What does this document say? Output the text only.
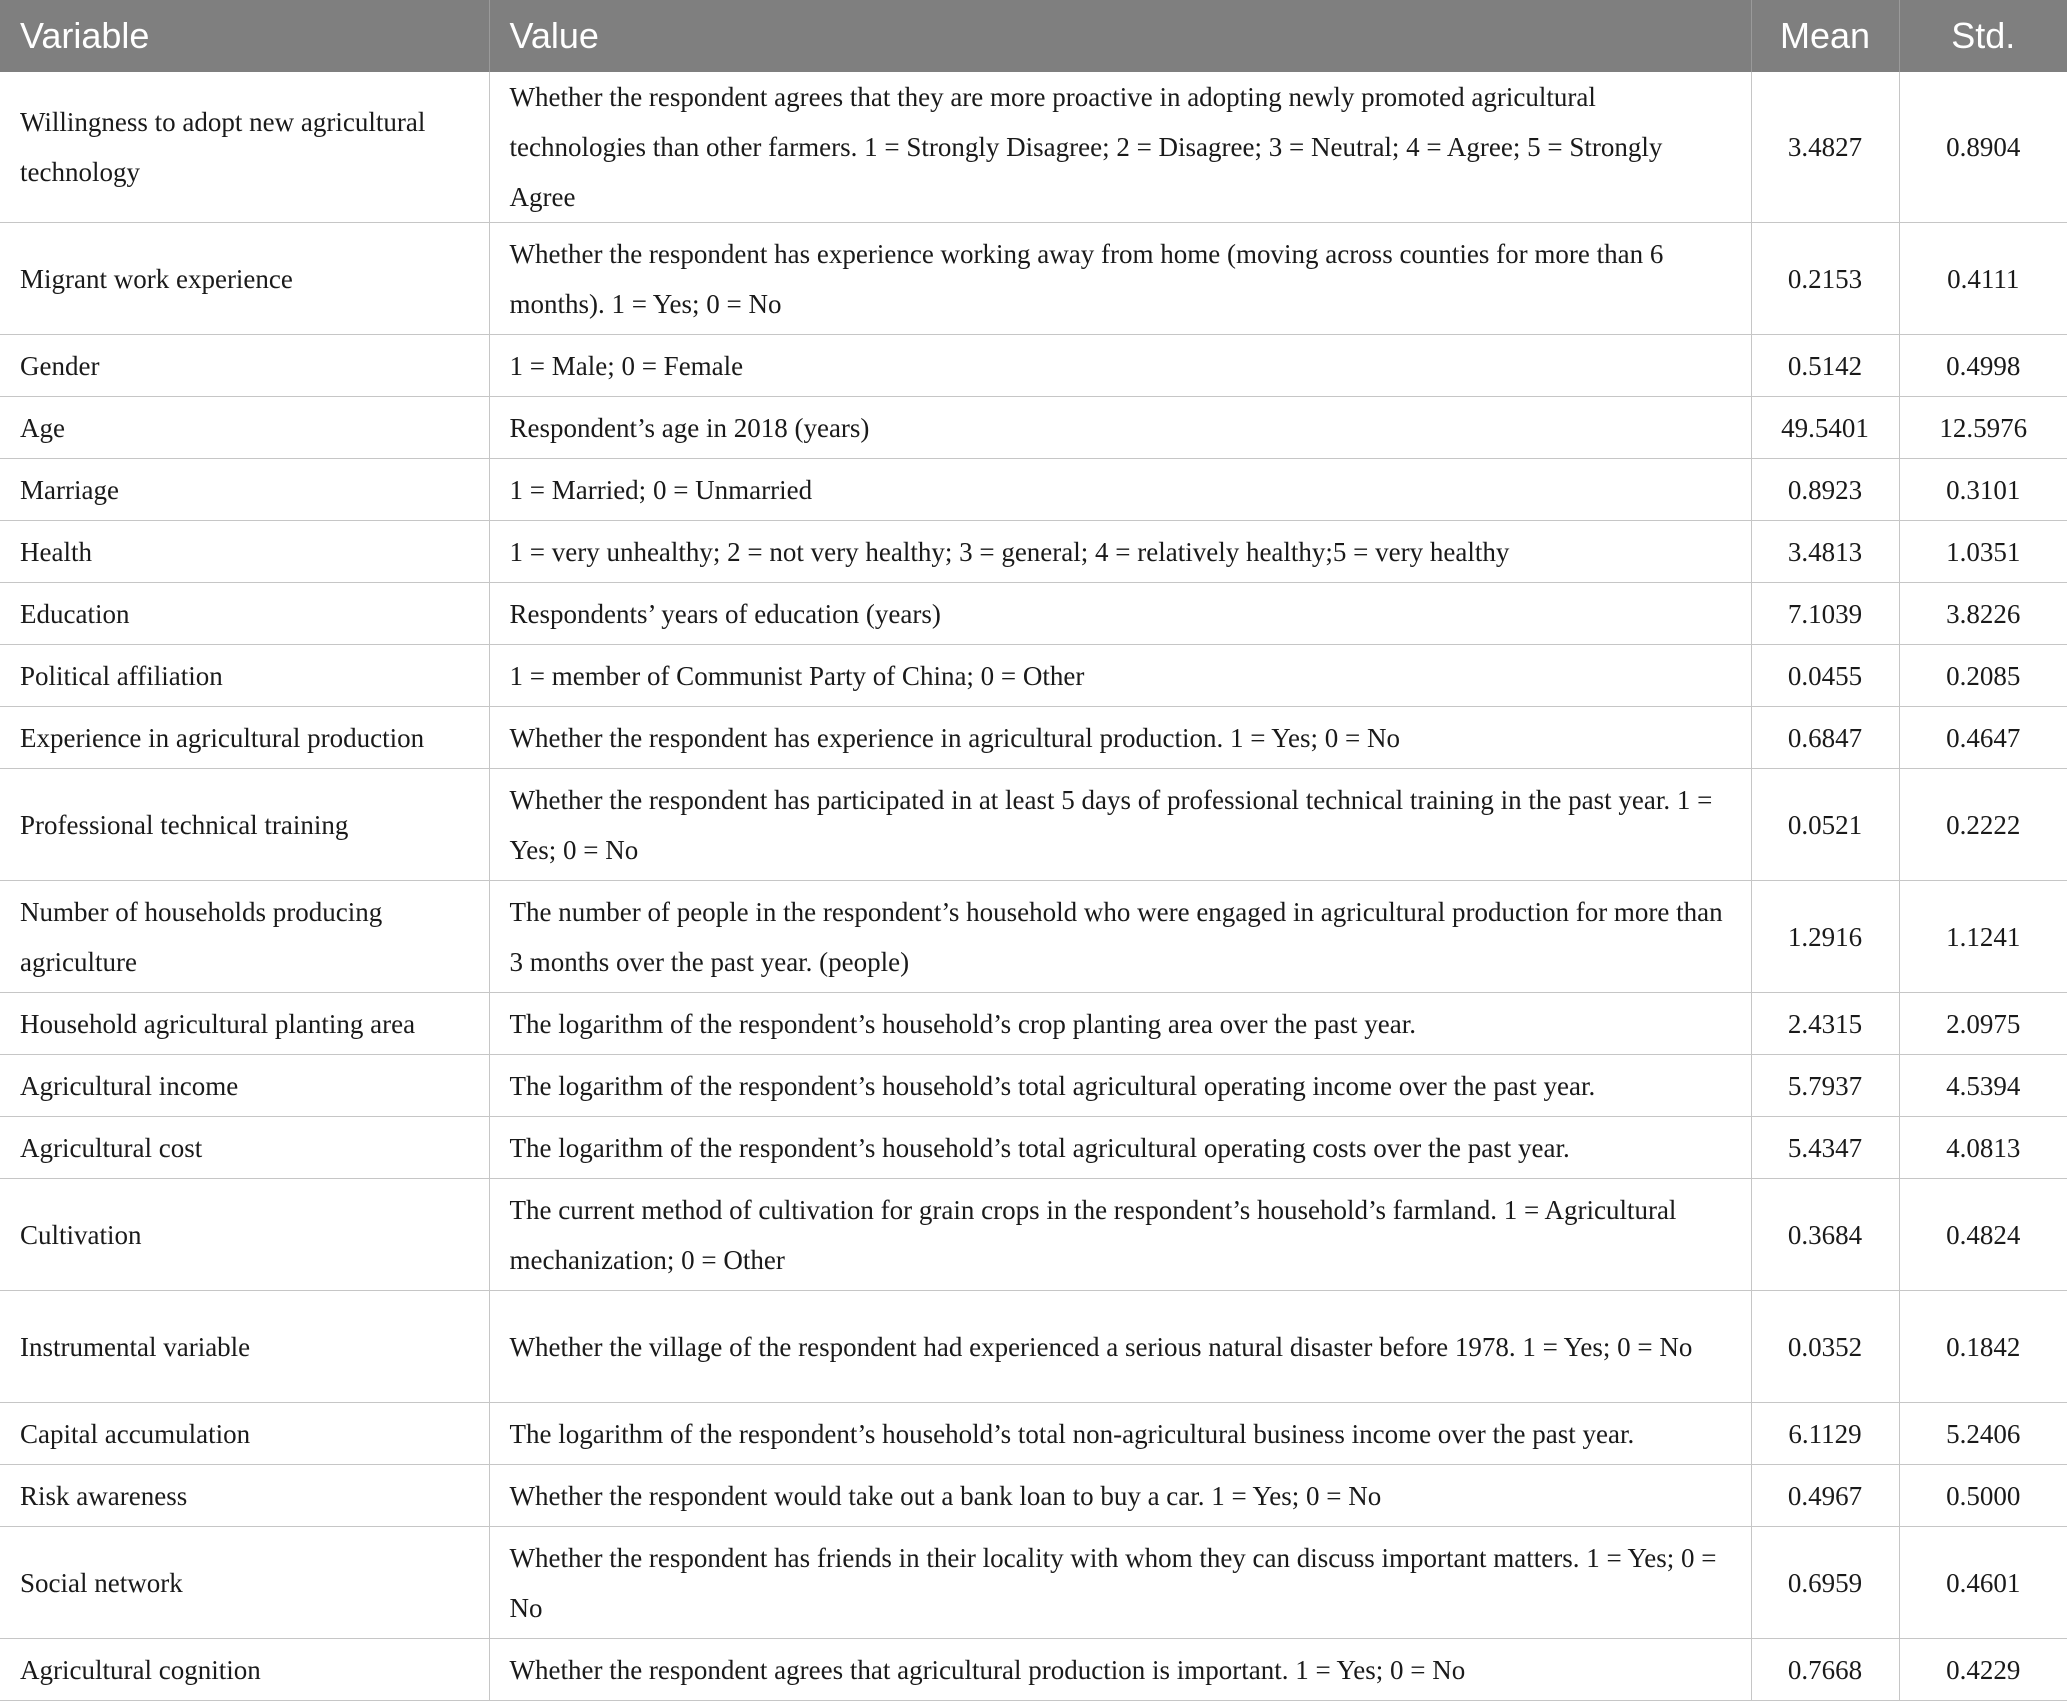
Variable	Value	Mean	Std.
Willingness to adopt new agricultural technology	Whether the respondent agrees that they are more proactive in adopting newly promoted agricultural technologies than other farmers. 1 = Strongly Disagree; 2 = Disagree; 3 = Neutral; 4 = Agree; 5 = Strongly Agree	3.4827	0.8904
Migrant work experience	Whether the respondent has experience working away from home (moving across counties for more than 6 months). 1 = Yes; 0 = No	0.2153	0.4111
Gender	1 = Male; 0 = Female	0.5142	0.4998
Age	Respondent’s age in 2018 (years)	49.5401	12.5976
Marriage	1 = Married; 0 = Unmarried	0.8923	0.3101
Health	1 = very unhealthy; 2 = not very healthy; 3 = general; 4 = relatively healthy;5 = very healthy	3.4813	1.0351
Education	Respondents’ years of education (years)	7.1039	3.8226
Political affiliation	1 = member of Communist Party of China; 0 = Other	0.0455	0.2085
Experience in agricultural production	Whether the respondent has experience in agricultural production. 1 = Yes; 0 = No	0.6847	0.4647
Professional technical training	Whether the respondent has participated in at least 5 days of professional technical training in the past year. 1 = Yes; 0 = No	0.0521	0.2222
Number of households producing agriculture	The number of people in the respondent’s household who were engaged in agricultural production for more than 3 months over the past year. (people)	1.2916	1.1241
Household agricultural planting area	The logarithm of the respondent’s household’s crop planting area over the past year.	2.4315	2.0975
Agricultural income	The logarithm of the respondent’s household’s total agricultural operating income over the past year.	5.7937	4.5394
Agricultural cost	The logarithm of the respondent’s household’s total agricultural operating costs over the past year.	5.4347	4.0813
Cultivation	The current method of cultivation for grain crops in the respondent’s household’s farmland. 1 = Agricultural mechanization; 0 = Other	0.3684	0.4824
Instrumental variable	Whether the village of the respondent had experienced a serious natural disaster before 1978. 1 = Yes; 0 = No	0.0352	0.1842
Capital accumulation	The logarithm of the respondent’s household’s total non-agricultural business income over the past year.	6.1129	5.2406
Risk awareness	Whether the respondent would take out a bank loan to buy a car. 1 = Yes; 0 = No	0.4967	0.5000
Social network	Whether the respondent has friends in their locality with whom they can discuss important matters. 1 = Yes; 0 = No	0.6959	0.4601
Agricultural cognition	Whether the respondent agrees that agricultural production is important. 1 = Yes; 0 = No	0.7668	0.4229
